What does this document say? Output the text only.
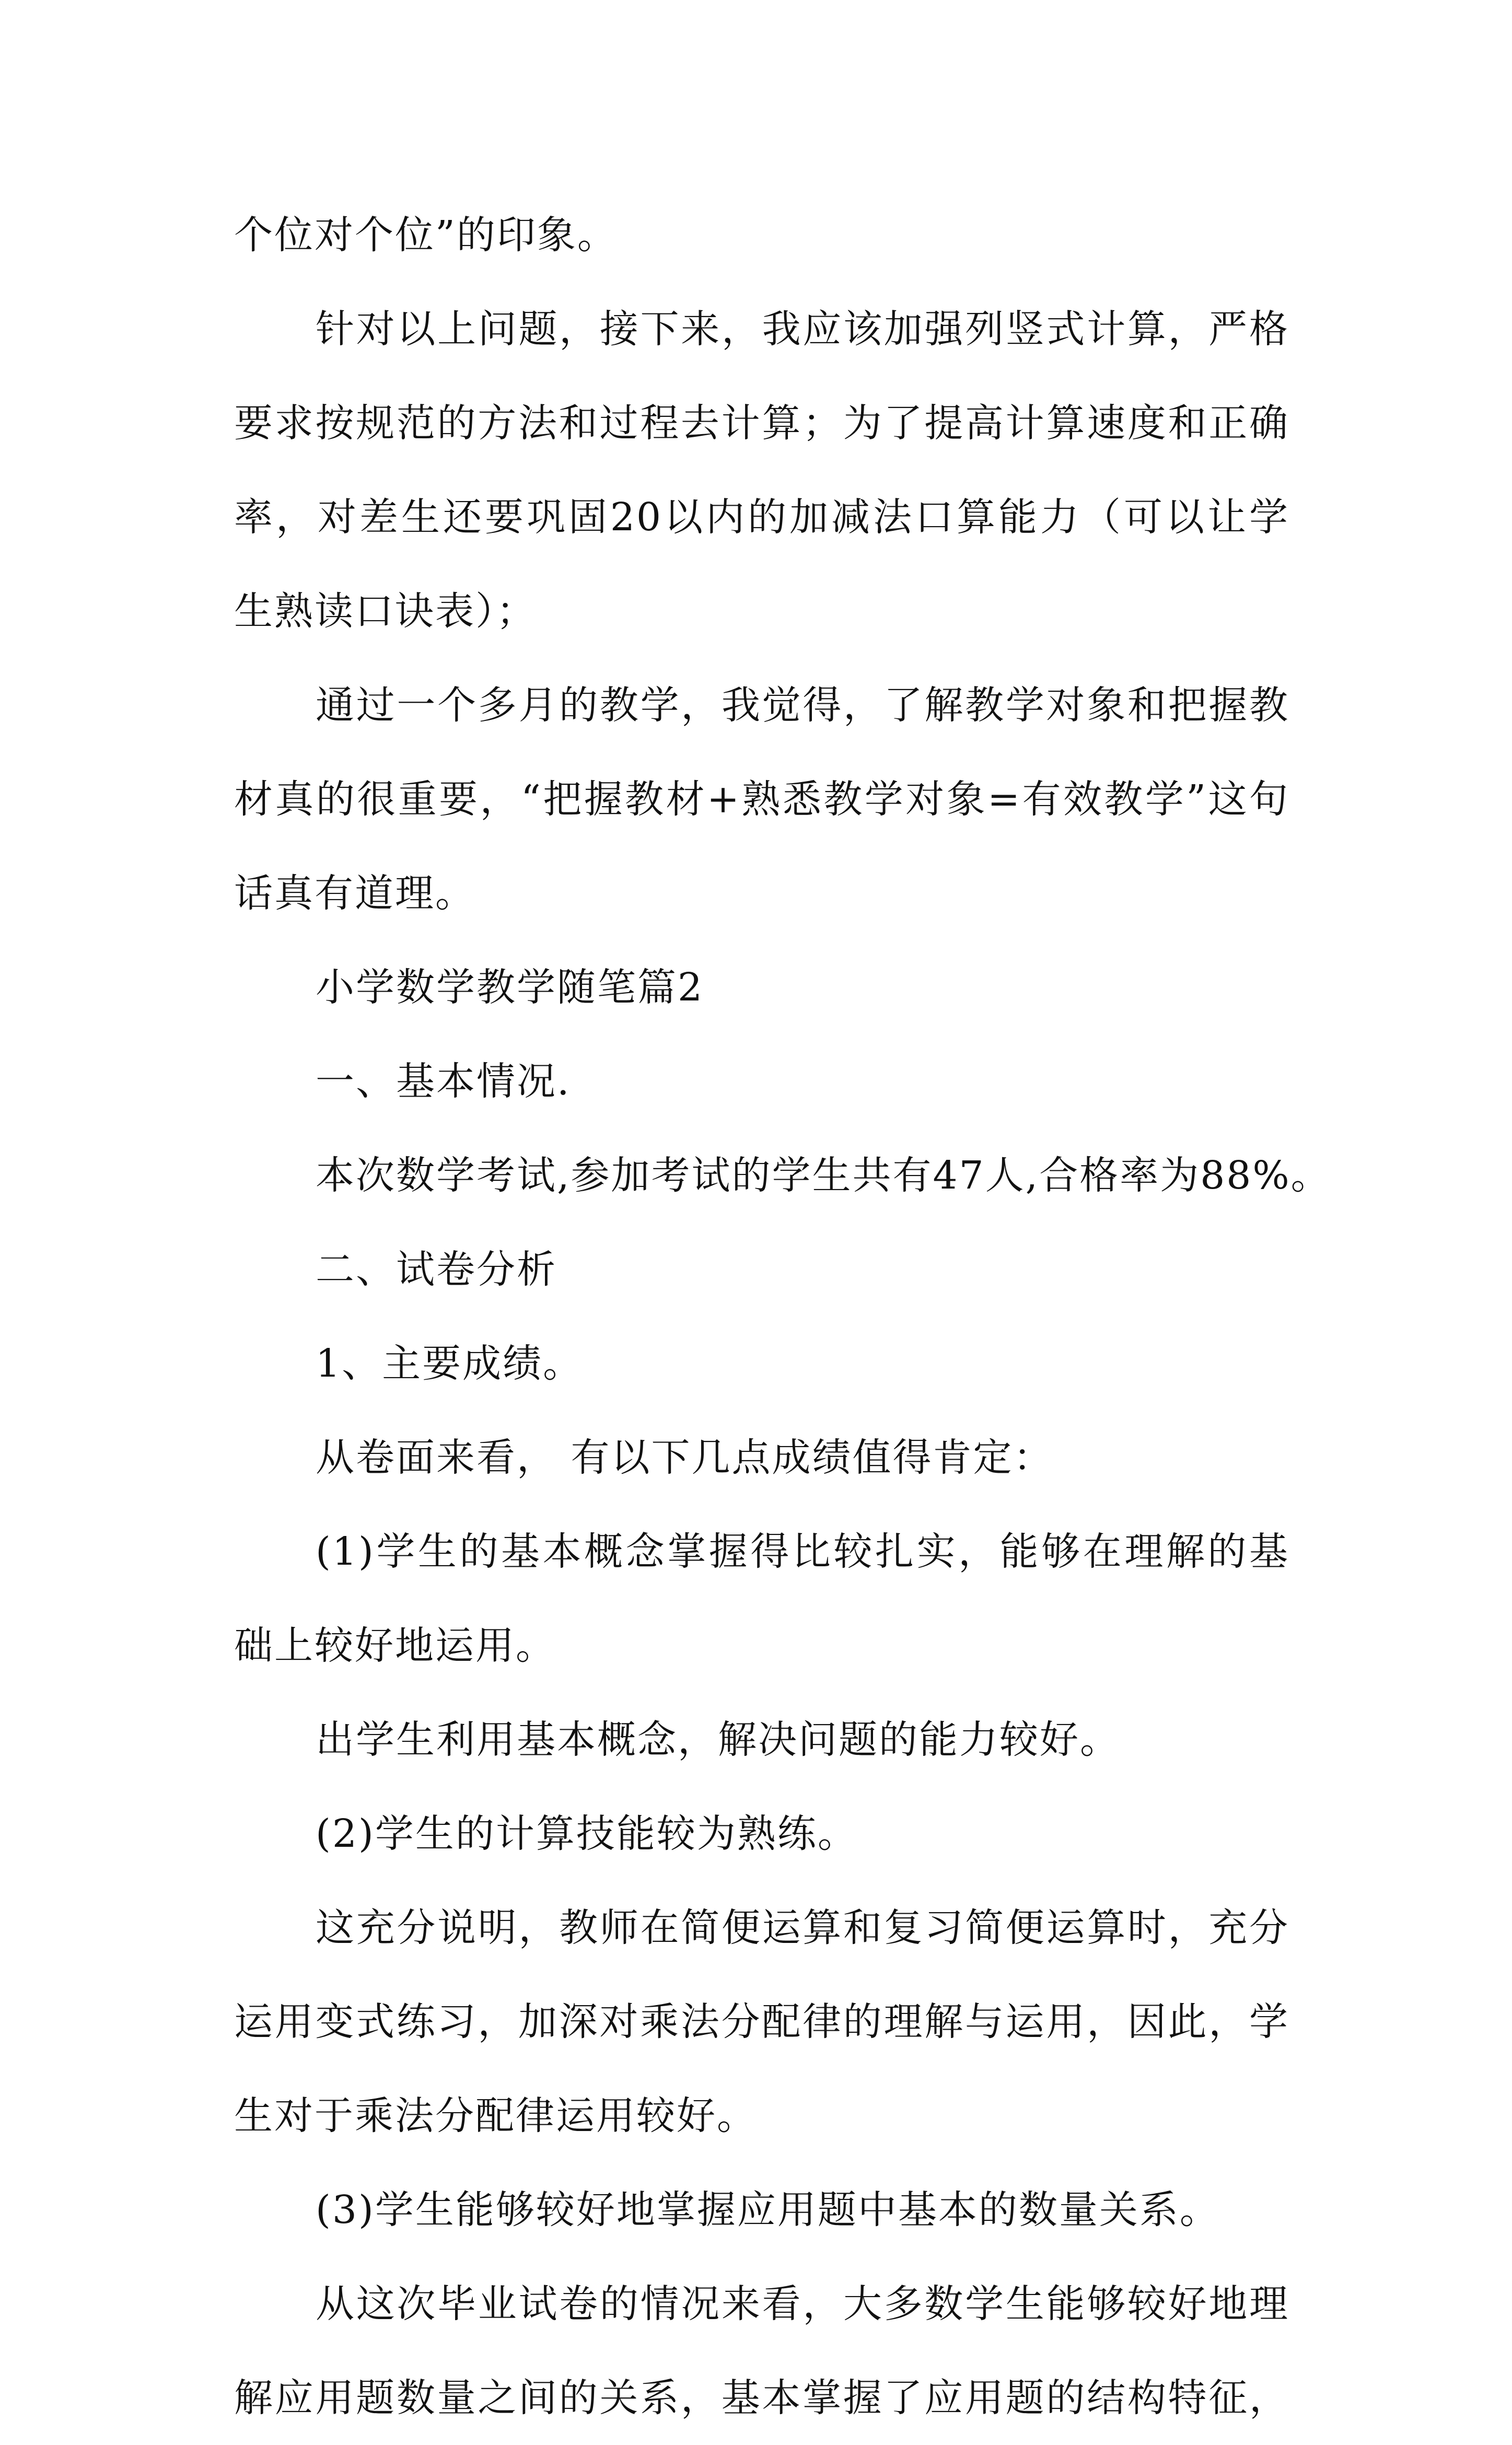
个位对个位”的印象。
针对以上问题，接下来，我应该加强列竖式计算，严格
要求按规范的方法和过程去计算；为了提高计算速度和正确
率，对差生还要巩固20以内的加减法口算能力（可以让学
生熟读口诀表）；
通过一个多月的教学，我觉得，了解教学对象和把握教
材真的很重要，“把握教材+熟悉教学对象=有效教学”这句
话真有道理。
小学数学教学随笔篇2
一、基本情况.
本次数学考试,参加考试的学生共有47人,合格率为88%。
二、试卷分析
1、主要成绩。
从卷面来看， 有以下几点成绩值得肯定：
(1)学生的基本概念掌握得比较扎实，能够在理解的基
础上较好地运用。
出学生利用基本概念，解决问题的能力较好。
(2)学生的计算技能较为熟练。
这充分说明，教师在简便运算和复习简便运算时，充分
运用变式练习，加深对乘法分配律的理解与运用，因此，学
生对于乘法分配律运用较好。
(3)学生能够较好地掌握应用题中基本的数量关系。
从这次毕业试卷的情况来看，大多数学生能够较好地理
解应用题数量之间的关系，基本掌握了应用题的结构特征，
